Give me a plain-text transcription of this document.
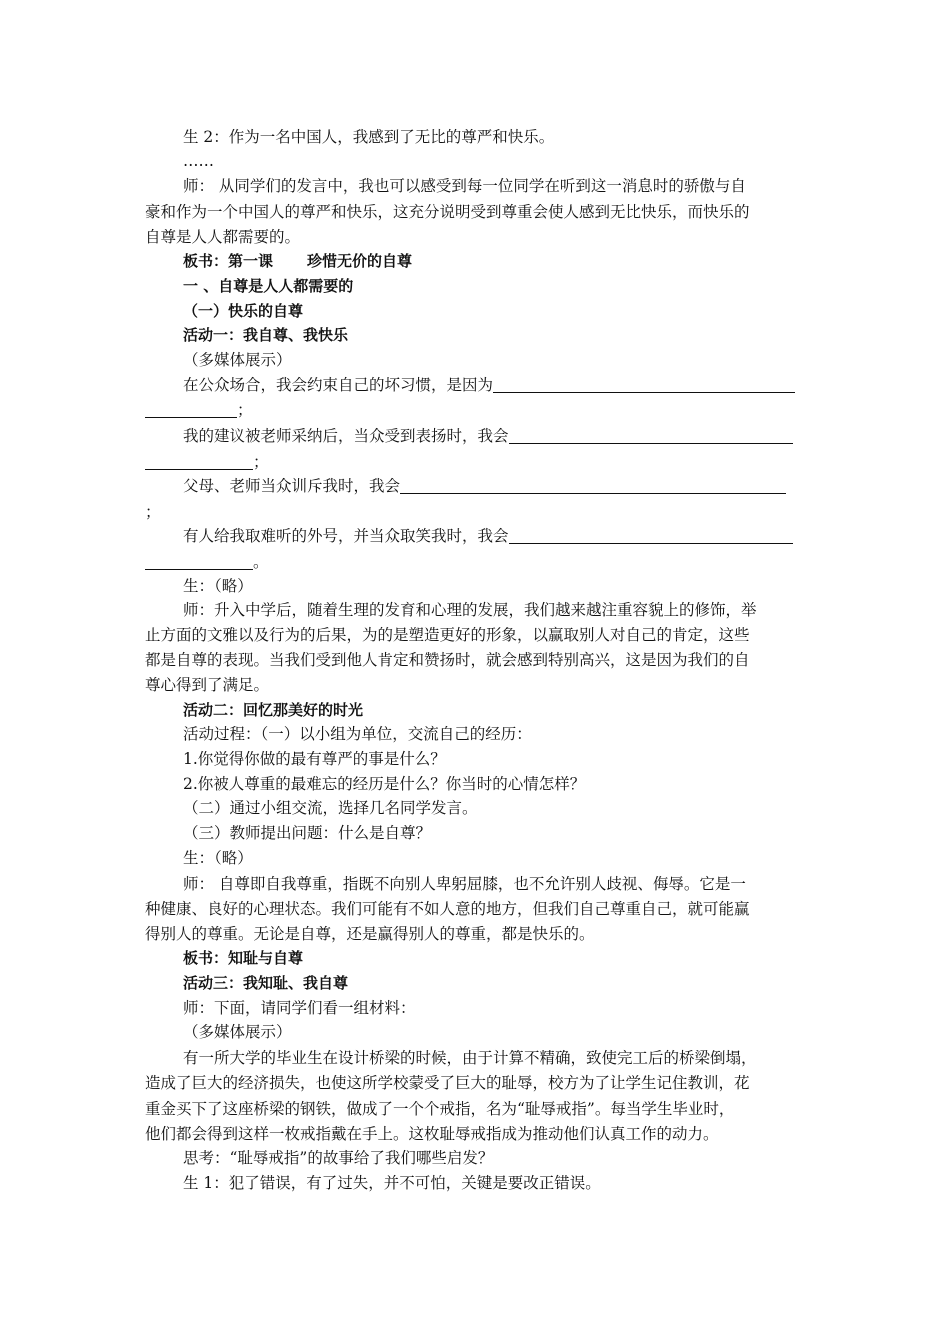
生 2：作为一名中国人，我感到了无比的尊严和快乐。
……
师： 从同学们的发言中，我也可以感受到每一位同学在听到这一消息时的骄傲与自
豪和作为一个中国人的尊严和快乐，这充分说明受到尊重会使人感到无比快乐，而快乐的
自尊是人人都需要的。
板书：第一课 珍惜无价的自尊
一 、自尊是人人都需要的
（一）快乐的自尊
活动一：我自尊、我快乐
（多媒体展示）
在公众场合，我会约束自己的坏习惯，是因为
；
我的建议被老师采纳后，当众受到表扬时，我会
；
父母、老师当众训斥我时，我会
；
有人给我取难听的外号，并当众取笑我时，我会
。
生：（略）
师：升入中学后，随着生理的发育和心理的发展，我们越来越注重容貌上的修饰，举
止方面的文雅以及行为的后果，为的是塑造更好的形象，以赢取别人对自己的肯定，这些
都是自尊的表现。当我们受到他人肯定和赞扬时，就会感到特别高兴，这是因为我们的自
尊心得到了满足。
活动二：回忆那美好的时光
活动过程：（一）以小组为单位，交流自己的经历：
1.你觉得你做的最有尊严的事是什么？
2.你被人尊重的最难忘的经历是什么？你当时的心情怎样？
（二）通过小组交流，选择几名同学发言。
（三）教师提出问题：什么是自尊？
生：（略）
师： 自尊即自我尊重，指既不向别人卑躬屈膝，也不允许别人歧视、侮辱。它是一
种健康、良好的心理状态。我们可能有不如人意的地方，但我们自己尊重自己，就可能赢
得别人的尊重。无论是自尊，还是赢得别人的尊重，都是快乐的。
板书：知耻与自尊
活动三：我知耻、我自尊
师：下面，请同学们看一组材料：
（多媒体展示）
有一所大学的毕业生在设计桥梁的时候，由于计算不精确，致使完工后的桥梁倒塌，
造成了巨大的经济损失，也使这所学校蒙受了巨大的耻辱，校方为了让学生记住教训，花
重金买下了这座桥梁的钢铁，做成了一个个戒指，名为“耻辱戒指”。每当学生毕业时，
他们都会得到这样一枚戒指戴在手上。这枚耻辱戒指成为推动他们认真工作的动力。
思考：“耻辱戒指”的故事给了我们哪些启发？
生 1：犯了错误，有了过失，并不可怕，关键是要改正错误。
